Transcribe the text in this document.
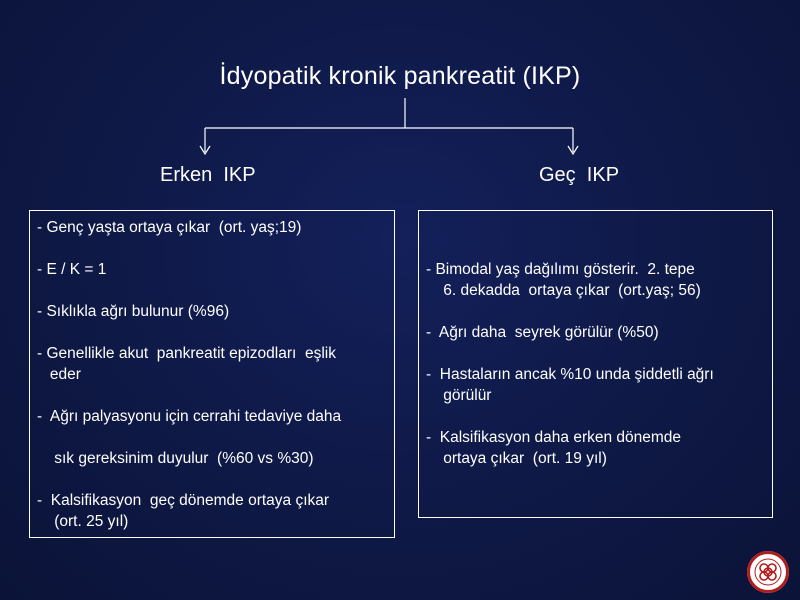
İdyopatik kronik pankreatit (IKP)
Erken  IKP	Geç  IKP
- Genç yaşta ortaya çıkar  (ort. yaş;19)
- E / K = 1
- Sıklıkla ağrı bulunur (%96)
- Genellikle akut  pankreatit epizodları  eşlik
eder
-  Ağrı palyasyonu için cerrahi tedaviye daha
sık gereksinim duyulur  (%60 vs %30)
-  Kalsifikasyon  geç dönemde ortaya çıkar
(ort. 25 yıl)
- Bimodal yaş dağılımı gösterir.  2. tepe
6. dekadda  ortaya çıkar  (ort.yaş; 56)
-  Ağrı daha  seyrek görülür (%50)
-  Hastaların ancak %10 unda şiddetli ağrı
görülür
-  Kalsifikasyon daha erken dönemde
ortaya çıkar  (ort. 19 yıl)
